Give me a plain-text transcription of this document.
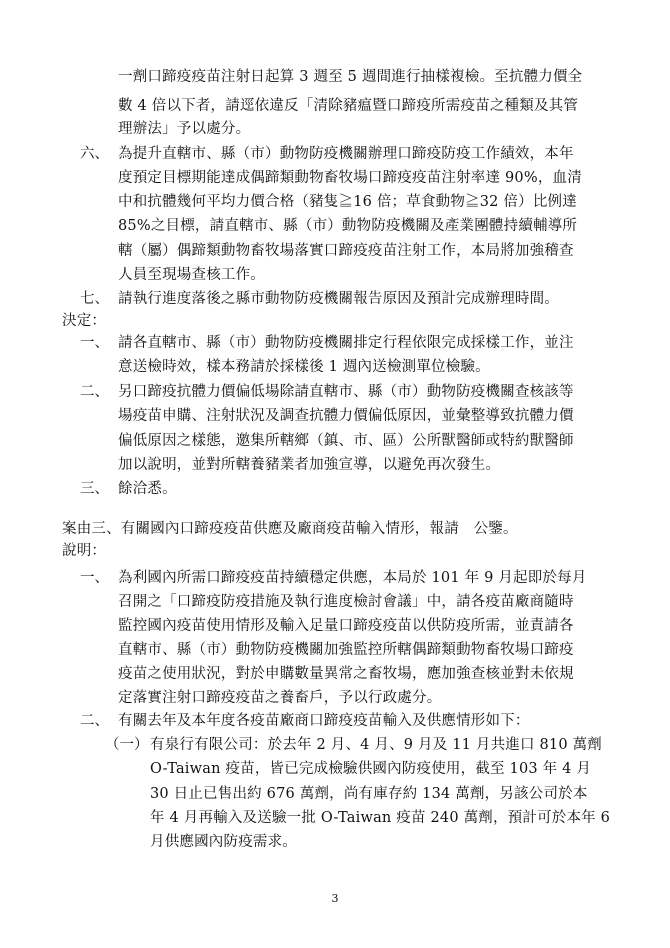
一劑口蹄疫疫苗注射日起算 3 週至 5 週間進行抽樣複檢。至抗體力價全
數 4 倍以下者，請逕依違反「清除豬瘟暨口蹄疫所需疫苗之種類及其管
理辦法」予以處分。
六、 為提升直轄市、縣（市）動物防疫機關辦理口蹄疫防疫工作績效，本年
度預定目標期能達成偶蹄類動物畜牧場口蹄疫疫苗注射率達 90%，血清
中和抗體幾何平均力價合格（豬隻≧16 倍；草食動物≧32 倍）比例達
85%之目標，請直轄市、縣（市）動物防疫機關及產業團體持續輔導所
轄（屬）偶蹄類動物畜牧場落實口蹄疫疫苗注射工作，本局將加強稽查
人員至現場查核工作。
七、 請執行進度落後之縣市動物防疫機關報告原因及預計完成辦理時間。
決定：
一、 請各直轄市、縣（市）動物防疫機關排定行程依限完成採樣工作，並注
意送檢時效，樣本務請於採樣後 1 週內送檢測單位檢驗。
二、 另口蹄疫抗體力價偏低場除請直轄市、縣（市）動物防疫機關查核該等
場疫苗申購、注射狀況及調查抗體力價偏低原因，並彙整導致抗體力價
偏低原因之樣態，邀集所轄鄉（鎮、市、區）公所獸醫師或特約獸醫師
加以說明，並對所轄養豬業者加強宣導，以避免再次發生。
三、 餘洽悉。
案由三、有關國內口蹄疫疫苗供應及廠商疫苗輸入情形，報請　公鑒。
說明：
一、 為利國內所需口蹄疫疫苗持續穩定供應，本局於 101 年 9 月起即於每月
召開之「口蹄疫防疫措施及執行進度檢討會議」中，請各疫苗廠商隨時
監控國內疫苗使用情形及輸入足量口蹄疫疫苗以供防疫所需，並責請各
直轄市、縣（市）動物防疫機關加強監控所轄偶蹄類動物畜牧場口蹄疫
疫苗之使用狀況，對於申購數量異常之畜牧場，應加強查核並對未依規
定落實注射口蹄疫疫苗之養畜戶，予以行政處分。
二、 有關去年及本年度各疫苗廠商口蹄疫疫苗輸入及供應情形如下：
（一） 有泉行有限公司：於去年 2 月、4 月、9 月及 11 月共進口 810 萬劑
O-Taiwan 疫苗，皆已完成檢驗供國內防疫使用，截至 103 年 4 月
30 日止已售出約 676 萬劑，尚有庫存約 134 萬劑，另該公司於本
年 4 月再輸入及送驗一批 O-Taiwan 疫苗 240 萬劑，預計可於本年 6
月供應國內防疫需求。
3
